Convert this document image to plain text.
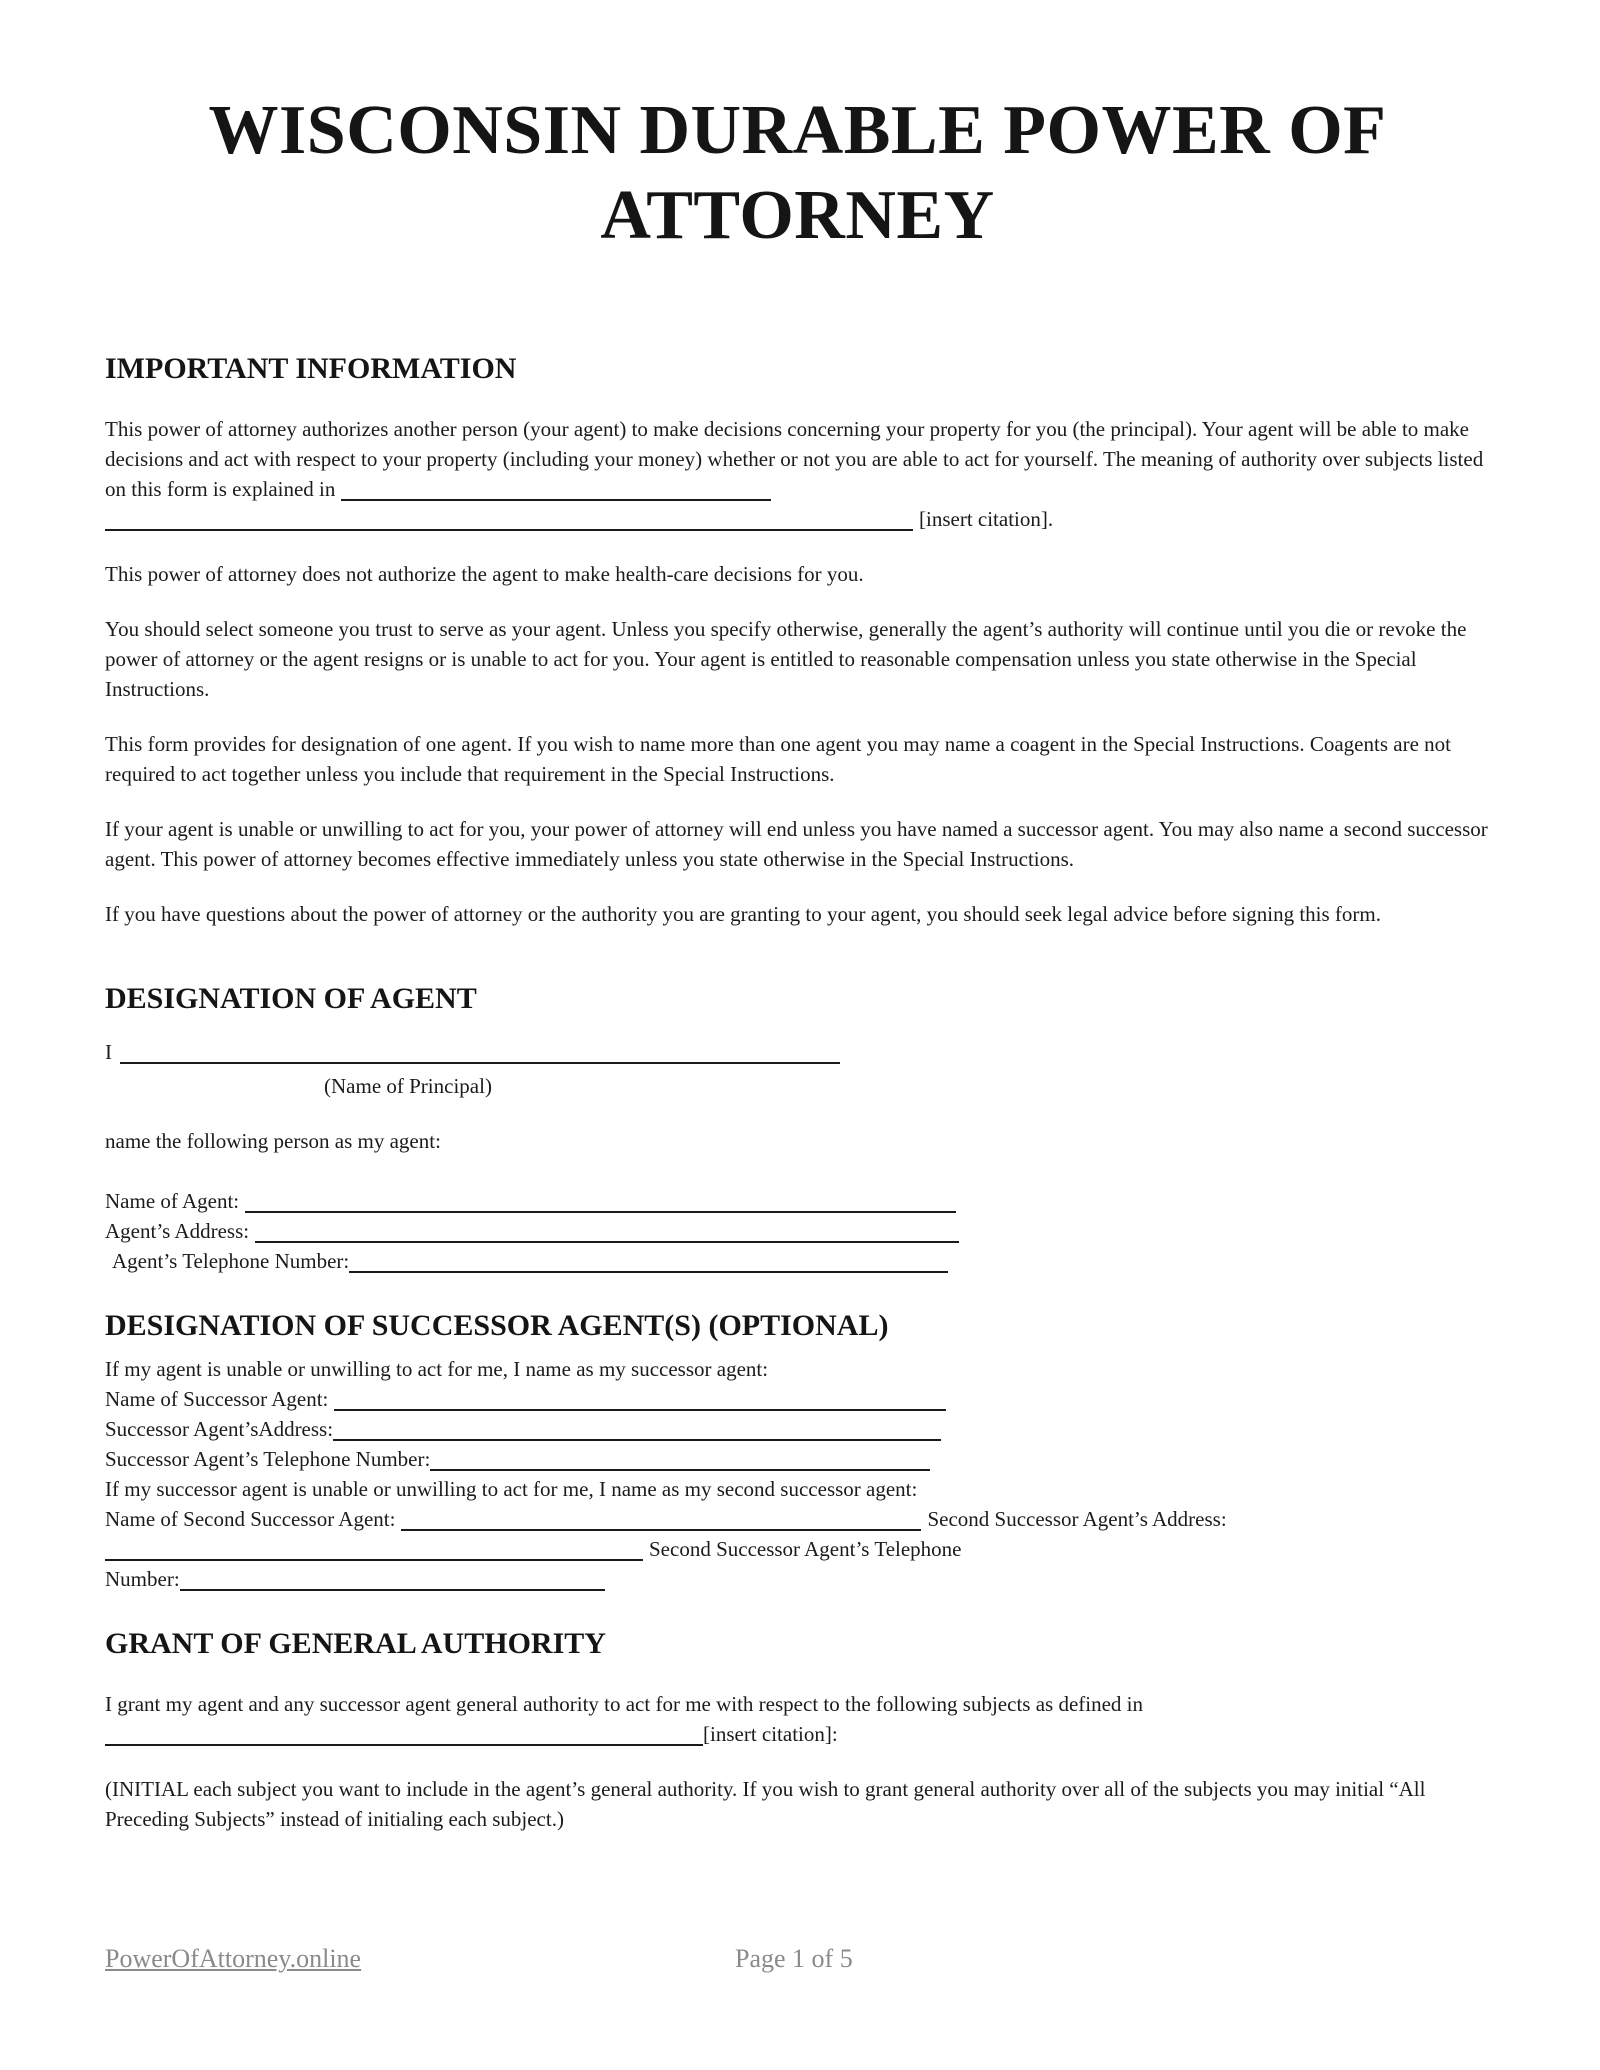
WISCONSIN DURABLE POWER OF
ATTORNEY
IMPORTANT INFORMATION

This power of attorney authorizes another person (your agent) to make decisions concerning your property for you (the principal). Your agent will be able to make decisions and act with respect to your property (including your money) whether or not you are able to act for yourself. The meaning of authority over subjects listed on this form is explained in
[insert citation].

This power of attorney does not authorize the agent to make health-care decisions for you.

You should select someone you trust to serve as your agent. Unless you specify otherwise, generally the agent’s authority will continue until you die or revoke the power of attorney or the agent resigns or is unable to act for you. Your agent is entitled to reasonable compensation unless you state otherwise in the Special Instructions.

This form provides for designation of one agent. If you wish to name more than one agent you may name a coagent in the Special Instructions. Coagents are not required to act together unless you include that requirement in the Special Instructions.

If your agent is unable or unwilling to act for you, your power of attorney will end unless you have named a successor agent. You may also name a second successor agent. This power of attorney becomes effective immediately unless you state otherwise in the Special Instructions.

If you have questions about the power of attorney or the authority you are granting to your agent, you should seek legal advice before signing this form.

DESIGNATION OF AGENT
I
(Name of Principal)

name the following person as my agent:

Name of Agent:
Agent’s Address:
Agent’s Telephone Number:
DESIGNATION OF SUCCESSOR AGENT(S) (OPTIONAL)
If my agent is unable or unwilling to act for me, I name as my successor agent:
Name of Successor Agent:
Successor Agent’sAddress:
Successor Agent’s Telephone Number:
If my successor agent is unable or unwilling to act for me, I name as my second successor agent:
Name of Second Successor Agent:	Second Successor Agent’s Address:
Second Successor Agent’s Telephone
Number:
GRANT OF GENERAL AUTHORITY

I grant my agent and any successor agent general authority to act for me with respect to the following subjects as defined in
[insert citation]:

(INITIAL each subject you want to include in the agent’s general authority. If you wish to grant general authority over all of the subjects you may initial “All Preceding Subjects” instead of initialing each subject.)

PowerOfAttorney.online	Page 1 of 5
